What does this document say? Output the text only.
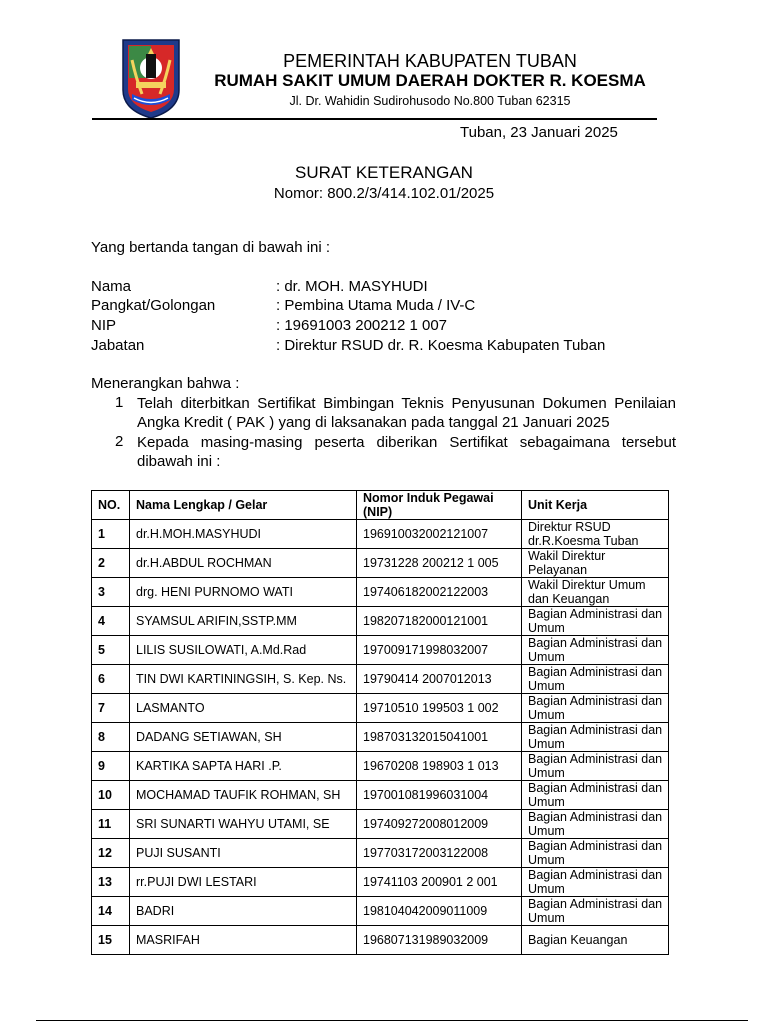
PEMERINTAH KABUPATEN TUBAN
RUMAH SAKIT UMUM DAERAH DOKTER R. KOESMA
Jl. Dr. Wahidin Sudirohusodo No.800 Tuban 62315
Tuban, 23 Januari 2025
SURAT KETERANGAN
Nomor: 800.2/3/414.102.01/2025
Yang bertanda tangan di bawah ini :
Nama	: dr. MOH. MASYHUDI
Pangkat/Golongan	: Pembina Utama Muda / IV-C
NIP	: 19691003 200212 1 007
Jabatan	: Direktur RSUD dr. R. Koesma Kabupaten Tuban
Menerangkan bahwa :
1 Telah diterbitkan Sertifikat Bimbingan Teknis Penyusunan Dokumen Penilaian
Angka Kredit ( PAK ) yang di laksanakan pada tanggal 21 Januari 2025
2 Kepada masing-masing peserta diberikan Sertifikat sebagaimana tersebut
dibawah ini :
NO.	Nama Lengkap / Gelar	Nomor Induk Pegawai (NIP)	Unit Kerja
1	dr.H.MOH.MASYHUDI	196910032002121007	Direktur RSUD dr.R.Koesma Tuban
2	dr.H.ABDUL ROCHMAN	19731228 200212 1 005	Wakil Direktur Pelayanan
3	drg. HENI PURNOMO WATI	197406182002122003	Wakil Direktur Umum dan Keuangan
4	SYAMSUL ARIFIN,SSTP.MM	198207182000121001	Bagian Administrasi dan Umum
5	LILIS SUSILOWATI, A.Md.Rad	197009171998032007	Bagian Administrasi dan Umum
6	TIN DWI KARTININGSIH, S. Kep. Ns.	19790414 2007012013	Bagian Administrasi dan Umum
7	LASMANTO	19710510 199503 1 002	Bagian Administrasi dan Umum
8	DADANG SETIAWAN, SH	198703132015041001	Bagian Administrasi dan Umum
9	KARTIKA SAPTA HARI .P.	19670208 198903 1 013	Bagian Administrasi dan Umum
10	MOCHAMAD TAUFIK ROHMAN, SH	197001081996031004	Bagian Administrasi dan Umum
11	SRI SUNARTI WAHYU UTAMI, SE	197409272008012009	Bagian Administrasi dan Umum
12	PUJI SUSANTI	197703172003122008	Bagian Administrasi dan Umum
13	rr.PUJI DWI LESTARI	19741103 200901 2 001	Bagian Administrasi dan Umum
14	BADRI	198104042009011009	Bagian Administrasi dan Umum
15	MASRIFAH	196807131989032009	Bagian Keuangan
